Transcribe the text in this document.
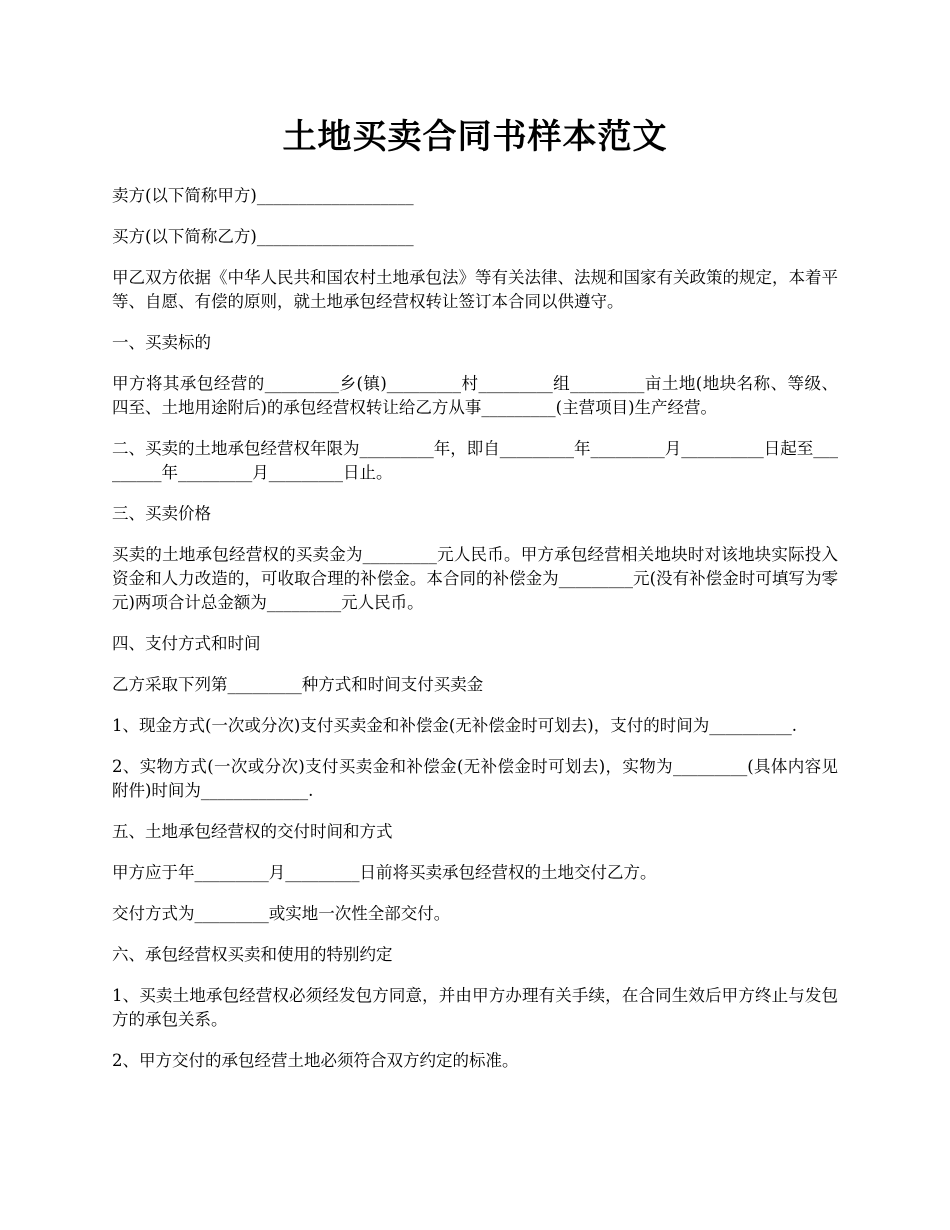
土地买卖合同书样本范文

卖方(以下简称甲方)___________________

买方(以下简称乙方)___________________

甲乙双方依据《中华人民共和国农村土地承包法》等有关法律、法规和国家有关政策的规定，本着平等、自愿、有偿的原则，就土地承包经营权转让签订本合同以供遵守。

一、买卖标的

甲方将其承包经营的_________乡(镇)_________村_________组_________亩土地(地块名称、等级、四至、土地用途附后)的承包经营权转让给乙方从事_________(主营项目)生产经营。

二、买卖的土地承包经营权年限为_________年，即自_________年_________月__________日起至_________年_________月_________日止。

三、买卖价格

买卖的土地承包经营权的买卖金为_________元人民币。甲方承包经营相关地块时对该地块实际投入资金和人力改造的，可收取合理的补偿金。本合同的补偿金为_________元(没有补偿金时可填写为零元)两项合计总金额为_________元人民币。

四、支付方式和时间

乙方采取下列第_________种方式和时间支付买卖金

1、现金方式(一次或分次)支付买卖金和补偿金(无补偿金时可划去)，支付的时间为__________.

2、实物方式(一次或分次)支付买卖金和补偿金(无补偿金时可划去)，实物为_________(具体内容见附件)时间为_____________.

五、土地承包经营权的交付时间和方式

甲方应于年_________月_________日前将买卖承包经营权的土地交付乙方。

交付方式为_________或实地一次性全部交付。

六、承包经营权买卖和使用的特别约定

1、买卖土地承包经营权必须经发包方同意，并由甲方办理有关手续，在合同生效后甲方终止与发包方的承包关系。

2、甲方交付的承包经营土地必须符合双方约定的标准。
